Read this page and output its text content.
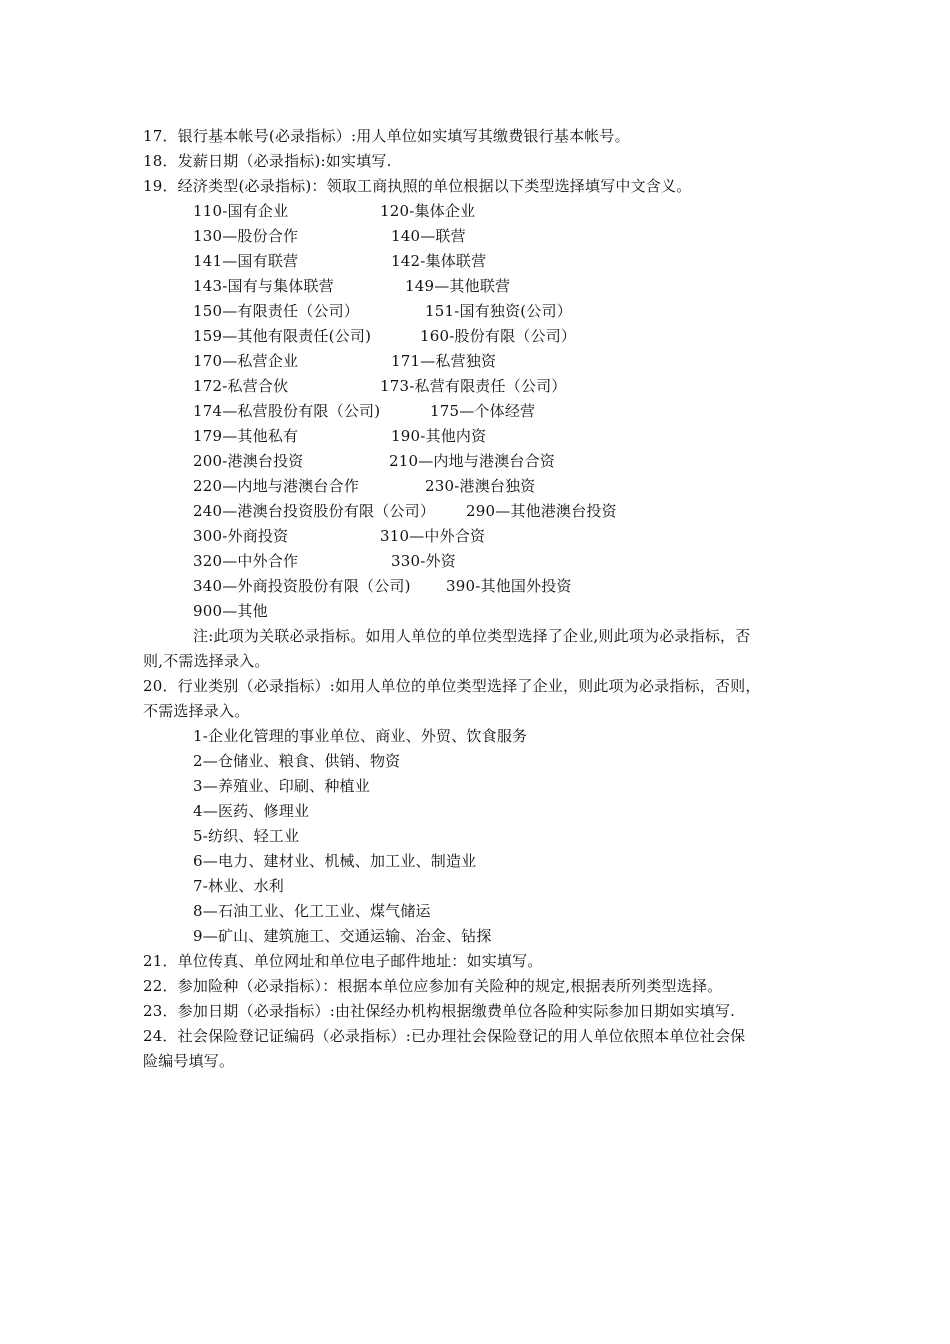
17．银行基本帐号(必录指标）:用人单位如实填写其缴费银行基本帐号。
18．发薪日期（必录指标):如实填写.
19．经济类型(必录指标)：领取工商执照的单位根据以下类型选择填写中文含义。
110-国有企业	120-集体企业
130—股份合作	140—联营
141—国有联营	142-集体联营
143-国有与集体联营	149—其他联营
150—有限责任（公司）	151-国有独资(公司）
159—其他有限责任(公司)	160-股份有限（公司）
170—私营企业	171—私营独资
172-私营合伙	173-私营有限责任（公司）
174—私营股份有限（公司)	175—个体经营
179—其他私有	190-其他内资
200-港澳台投资	210—内地与港澳台合资
220—内地与港澳台合作	230-港澳台独资
240—港澳台投资股份有限（公司） 290—其他港澳台投资
300-外商投资	310—中外合资
320—中外合作	330-外资
340—外商投资股份有限（公司) 390-其他国外投资
900—其他
注:此项为关联必录指标。如用人单位的单位类型选择了企业,则此项为必录指标，否
则,不需选择录入。
20．行业类别（必录指标）:如用人单位的单位类型选择了企业，则此项为必录指标，否则，
不需选择录入。
1-企业化管理的事业单位、商业、外贸、饮食服务
2—仓储业、粮食、供销、物资
3—养殖业、印刷、种植业
4—医药、修理业
5-纺织、轻工业
6—电力、建材业、机械、加工业、制造业
7-林业、水利
8—石油工业、化工工业、煤气储运
9—矿山、建筑施工、交通运输、冶金、钻探
21．单位传真、单位网址和单位电子邮件地址：如实填写。
22．参加险种（必录指标）：根据本单位应参加有关险种的规定,根据表所列类型选择。
23．参加日期（必录指标）:由社保经办机构根据缴费单位各险种实际参加日期如实填写.
24．社会保险登记证编码（必录指标）:已办理社会保险登记的用人单位依照本单位社会保
险编号填写。
